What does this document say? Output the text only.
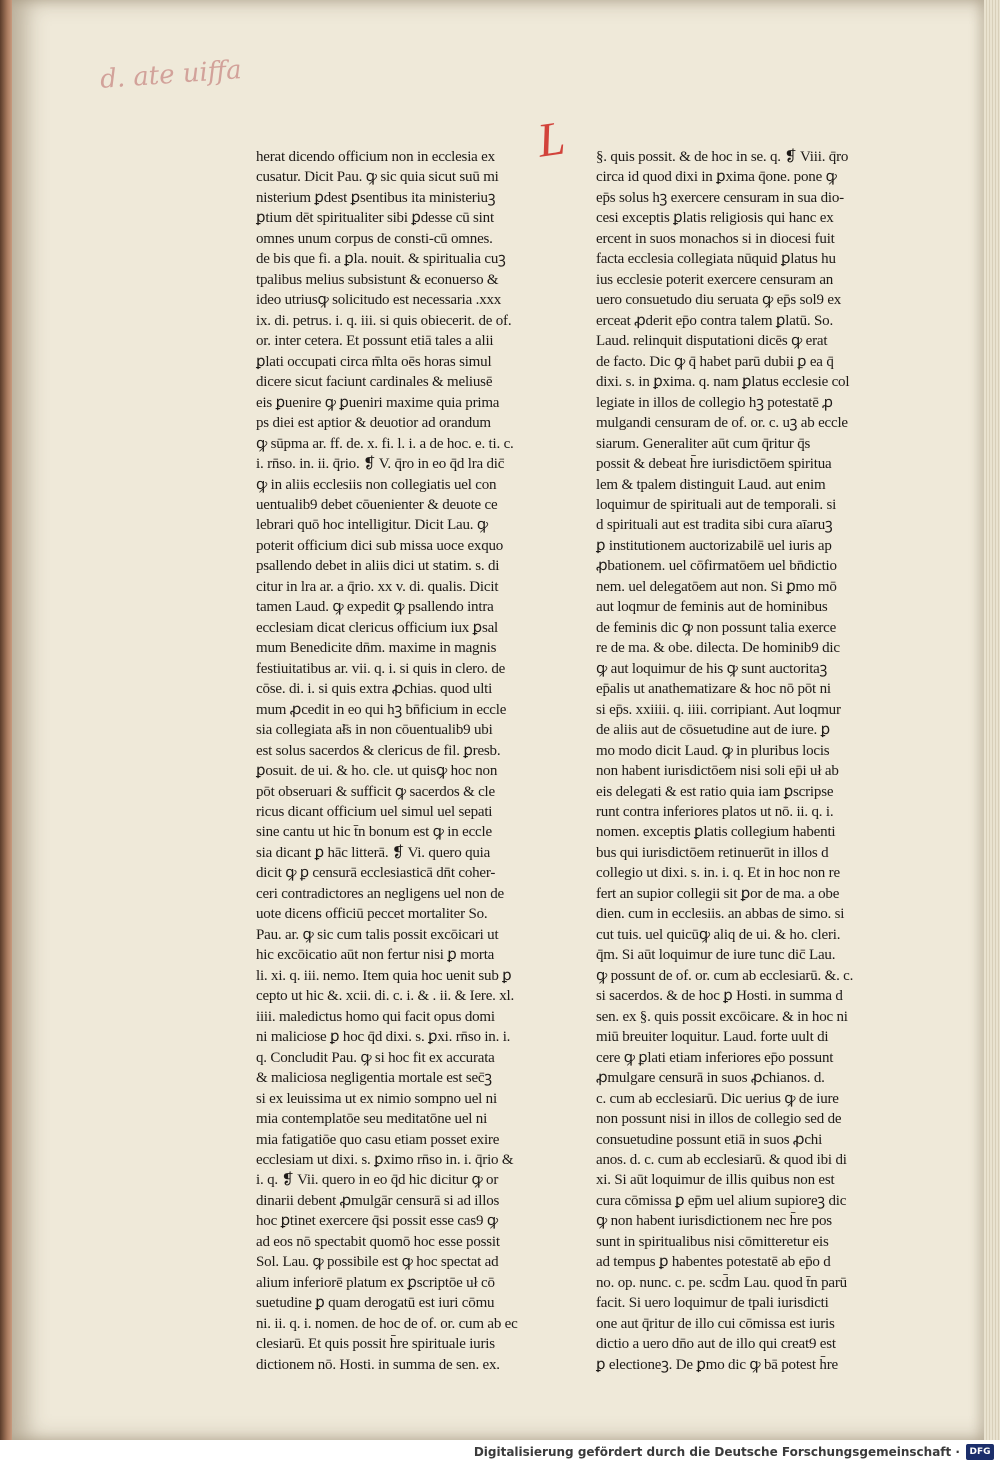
d. ate uiffa
L
herat dicendo officium non in ecclesia ex
cusatur. Dicit Pau. ꝙ sic quia sicut suū mi
nisterium ꝑdest ꝑsentibus ita ministeriuꝫ
ꝑtium dēt spiritualiter sibi ꝑdesse cū sint
omnes unum corpus de consti-cū omnes.
de bis que fi. a ꝑla. nouit. & spiritualia cuꝫ
tpalibus melius subsistunt & econuerso &
ideo utriusꝙ solicitudo est necessaria .xxx
ix. di. petrus. i. q. iii. si quis obiecerit. de of.
or. inter cetera. Et possunt etiā tales a alii
ꝑlati occupati circa m̄lta oēs horas simul
dicere sicut faciunt cardinales & meliusē
eis ꝑuenire ꝙ ꝑueniri maxime quia prima
ps diei est aptior & deuotior ad orandum
ꝙ sūpma ar. ff. de. x. fi. l. i. a de hoc. e. ti. c.
i. rn̄so. in. ii. q̄rio. ❡ V. q̄ro in eo q̄d lra dic̄
ꝙ in aliis ecclesiis non collegiatis uel con
uentualib9 debet cōuenienter & deuote ce
lebrari quō hoc intelligitur. Dicit Lau. ꝙ
poterit officium dici sub missa uoce exquo
psallendo debet in aliis dici ut statim. s. di
citur in lra ar. a q̄rio. xx v. di. qualis. Dicit
tamen Laud. ꝙ expedit ꝙ psallendo intra
ecclesiam dicat clericus officium iux ꝑsal
mum Benedicite dn̄m. maxime in magnis
festiuitatibus ar. vii. q. i. si quis in clero. de
cōse. di. i. si quis extra ꝓchias. quod ulti
mum ꝓcedit in eo qui hꝫ bn̄ficium in eccle
sia collegiata ał̄s in non cōuentualib9 ubi
est solus sacerdos & clericus de fil. ꝑresb.
ꝑosuit. de ui. & ho. cle. ut quisꝙ hoc non
pōt obseruari & sufficit ꝙ sacerdos & cle
ricus dicant officium uel simul uel sepati
sine cantu ut hic t̄n bonum est ꝙ in eccle
sia dicant ꝑ hāc litterā. ❡ Vi. quero quia
dicit ꝙ ꝑ censurā ecclesiasticā dn̄t coher-
ceri contradictores an negligens uel non de
uote dicens officiū peccet mortaliter So.
Pau. ar. ꝙ sic cum talis possit excōicari ut
hic excōicatio aūt non fertur nisi ꝑ morta
li. xi. q. iii. nemo. Item quia hoc uenit sub ꝑ
cepto ut hic &. xcii. di. c. i. & . ii. & Iere. xl.
iiii. maledictus homo qui facit opus domi
ni maliciose ꝑ hoc q̄d dixi. s. ꝑxi. rn̄so in. i.
q. Concludit Pau. ꝙ si hoc fit ex accurata
& maliciosa negligentia mortale est sec̄ꝫ
si ex leuissima ut ex nimio sompno uel ni
mia contemplatōe seu meditatōne uel ni
mia fatigatiōe quo casu etiam posset exire
ecclesiam ut dixi. s. ꝑximo rn̄so in. i. q̄rio &
i. q. ❡ Vii. quero in eo q̄d hic dicitur ꝙ or
dinarii debent ꝓmulgār censurā si ad illos
hoc ꝑtinet exercere q̄si possit esse cas9 ꝙ
ad eos nō spectabit quomō hoc esse possit
Sol. Lau. ꝙ possibile est ꝙ hoc spectat ad
alium inferiorē platum ex ꝑscriptōe uł cō
suetudine ꝑ quam derogatū est iuri cōmu
ni. ii. q. i. nomen. de hoc de of. or. cum ab ec
clesiarū. Et quis possit h̄re spirituale iuris
dictionem nō. Hosti. in summa de sen. ex.
§. quis possit. & de hoc in se. q. ❡ Viii. q̄ro
circa id quod dixi in ꝑxima q̄one. pone ꝙ
ep̄s solus hꝫ exercere censuram in sua dio-
cesi exceptis ꝑlatis religiosis qui hanc ex
ercent in suos monachos si in diocesi fuit
facta ecclesia collegiata nūquid ꝑlatus hu
ius ecclesie poterit exercere censuram an
uero consuetudo diu seruata ꝙ ep̄s sol9 ex
erceat ꝓderit ep̄o contra talem ꝑlatū. So.
Laud. relinquit disputationi dicēs ꝙ erat
de facto. Dic ꝙ q̄ habet parū dubii ꝑ ea q̄
dixi. s. in ꝑxima. q. nam ꝑlatus ecclesie col
legiate in illos de collegio hꝫ potestatē ꝓ
mulgandi censuram de of. or. c. uꝫ ab eccle
siarum. Generaliter aūt cum q̄ritur q̄s
possit & debeat h̄re iurisdictōem spiritua
lem & tpalem distinguit Laud. aut enim
loquimur de spirituali aut de temporali. si
d spirituali aut est tradita sibi cura aīaruꝫ
ꝑ institutionem auctorizabilē uel iuris ap
ꝓbationem. uel cōfirmatōem uel bn̄dictio
nem. uel delegatōem aut non. Si ꝑmo mō
aut loqmur de feminis aut de hominibus
de feminis dic ꝙ non possunt talia exerce
re de ma. & obe. dilecta. De hominib9 dic
ꝙ aut loquimur de his ꝙ sunt auctoritaꝫ
ep̄alis ut anathematizare & hoc nō pōt ni
si ep̄s. xxiiii. q. iiii. corripiant. Aut loqmur
de aliis aut de cōsuetudine aut de iure. ꝑ
mo modo dicit Laud. ꝙ in pluribus locis
non habent iurisdictōem nisi soli ep̄i uł ab
eis delegati & est ratio quia iam ꝑscripse
runt contra inferiores platos ut nō. ii. q. i.
nomen. exceptis ꝑlatis collegium habenti
bus qui iurisdictōem retinuerūt in illos d
collegio ut dixi. s. in. i. q. Et in hoc non re
fert an supior collegii sit ꝑor de ma. a obe
dien. cum in ecclesiis. an abbas de simo. si
cut tuis. uel quicūꝙ aliq de ui. & ho. cleri.
q̄m. Si aūt loquimur de iure tunc dic̄ Lau.
ꝙ possunt de of. or. cum ab ecclesiarū. &. c.
si sacerdos. & de hoc ꝑ Hosti. in summa d
sen. ex §. quis possit excōicare. & in hoc ni
miū breuiter loquitur. Laud. forte uult di
cere ꝙ ꝑlati etiam inferiores ep̄o possunt
ꝓmulgare censurā in suos ꝓchianos. d.
c. cum ab ecclesiarū. Dic uerius ꝙ de iure
non possunt nisi in illos de collegio sed de
consuetudine possunt etiā in suos ꝓchi
anos. d. c. cum ab ecclesiarū. & quod ibi di
xi. Si aūt loquimur de illis quibus non est
cura cōmissa ꝑ ep̄m uel alium supioreꝫ dic
ꝙ non habent iurisdictionem nec h̄re pos
sunt in spiritualibus nisi cōmitteretur eis
ad tempus ꝑ habentes potestatē ab ep̄o d
no. op. nunc. c. pe. scd̄m Lau. quod t̄n parū
facit. Si uero loquimur de tpali iurisdicti
one aut q̄ritur de illo cui cōmissa est iuris
dictio a uero dn̄o aut de illo qui creat9 est
ꝑ electioneꝫ. De ꝑmo dic ꝙ bā potest h̄re
Digitalisierung gefördert durch die Deutsche Forschungsgemeinschaft ·	DFG
